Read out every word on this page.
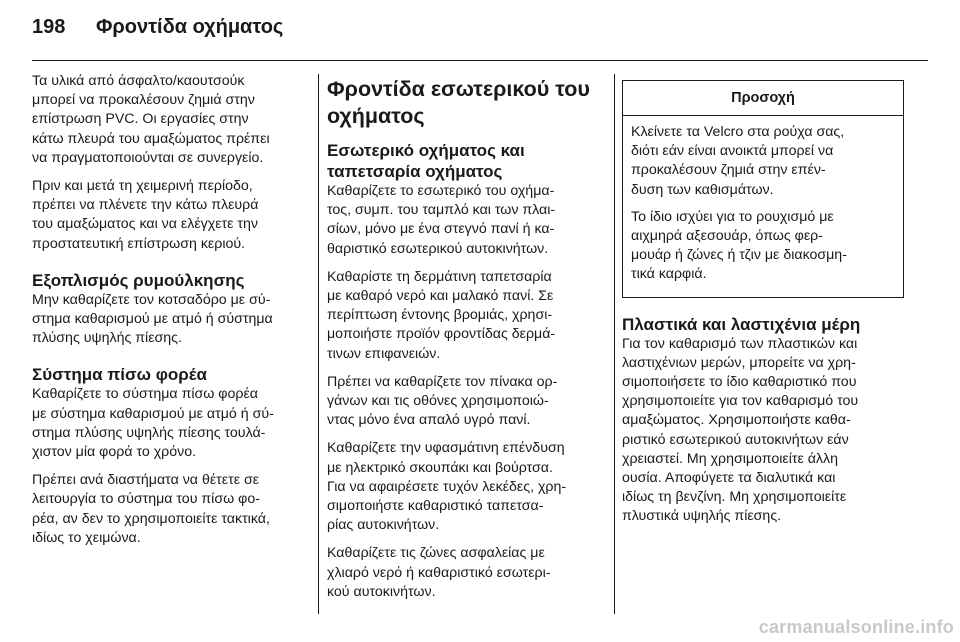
198	Φροντίδα οχήματος

Τα υλικά από άσφαλτο/καουτσούκ
μπορεί να προκαλέσουν ζημιά στην
επίστρωση PVC. Οι εργασίες στην
κάτω πλευρά του αμαξώματος πρέπει
να πραγματοποιούνται σε συνεργείο.

Πριν και μετά τη χειμερινή περίοδο,
πρέπει να πλένετε την κάτω πλευρά
του αμαξώματος και να ελέγχετε την
προστατευτική επίστρωση κεριού.

Εξοπλισμός ρυμούλκησης

Μην καθαρίζετε τον κοτσαδόρο με σύ-
στημα καθαρισμού με ατμό ή σύστημα
πλύσης υψηλής πίεσης.

Σύστημα πίσω φορέα

Καθαρίζετε το σύστημα πίσω φορέα
με σύστημα καθαρισμού με ατμό ή σύ-
στημα πλύσης υψηλής πίεσης τουλά-
χιστον μία φορά το χρόνο.

Πρέπει ανά διαστήματα να θέτετε σε
λειτουργία το σύστημα του πίσω φο-
ρέα, αν δεν το χρησιμοποιείτε τακτικά,
ιδίως το χειμώνα.

Φροντίδα εσωτερικού του
οχήματος
Εσωτερικό οχήματος και
ταπετσαρία οχήματος

Καθαρίζετε το εσωτερικό του οχήμα-
τος, συμπ. του ταμπλό και των πλαι-
σίων, μόνο με ένα στεγνό πανί ή κα-
θαριστικό εσωτερικού αυτοκινήτων.

Καθαρίστε τη δερμάτινη ταπετσαρία
με καθαρό νερό και μαλακό πανί. Σε
περίπτωση έντονης βρομιάς, χρησι-
μοποιήστε προϊόν φροντίδας δερμά-
τινων επιφανειών.

Πρέπει να καθαρίζετε τον πίνακα ορ-
γάνων και τις οθόνες χρησιμοποιώ-
ντας μόνο ένα απαλό υγρό πανί.

Καθαρίζετε την υφασμάτινη επένδυση
με ηλεκτρικό σκουπάκι και βούρτσα.
Για να αφαιρέσετε τυχόν λεκέδες, χρη-
σιμοποιήστε καθαριστικό ταπετσα-
ρίας αυτοκινήτων.

Καθαρίζετε τις ζώνες ασφαλείας με
χλιαρό νερό ή καθαριστικό εσωτερι-
κού αυτοκινήτων.

Προσοχή

Κλείνετε τα Velcro στα ρούχα σας,
διότι εάν είναι ανοικτά μπορεί να
προκαλέσουν ζημιά στην επέν-
δυση των καθισμάτων.

Το ίδιο ισχύει για το ρουχισμό με
αιχμηρά αξεσουάρ, όπως φερ-
μουάρ ή ζώνες ή τζιν με διακοσμη-
τικά καρφιά.

Πλαστικά και λαστιχένια μέρη

Για τον καθαρισμό των πλαστικών και
λαστιχένιων μερών, μπορείτε να χρη-
σιμοποιήσετε το ίδιο καθαριστικό που
χρησιμοποιείτε για τον καθαρισμό του
αμαξώματος. Χρησιμοποιήστε καθα-
ριστικό εσωτερικού αυτοκινήτων εάν
χρειαστεί. Μη χρησιμοποιείτε άλλη
ουσία. Αποφύγετε τα διαλυτικά και
ιδίως τη βενζίνη. Μη χρησιμοποιείτε
πλυστικά υψηλής πίεσης.

carmanualsonline.info
